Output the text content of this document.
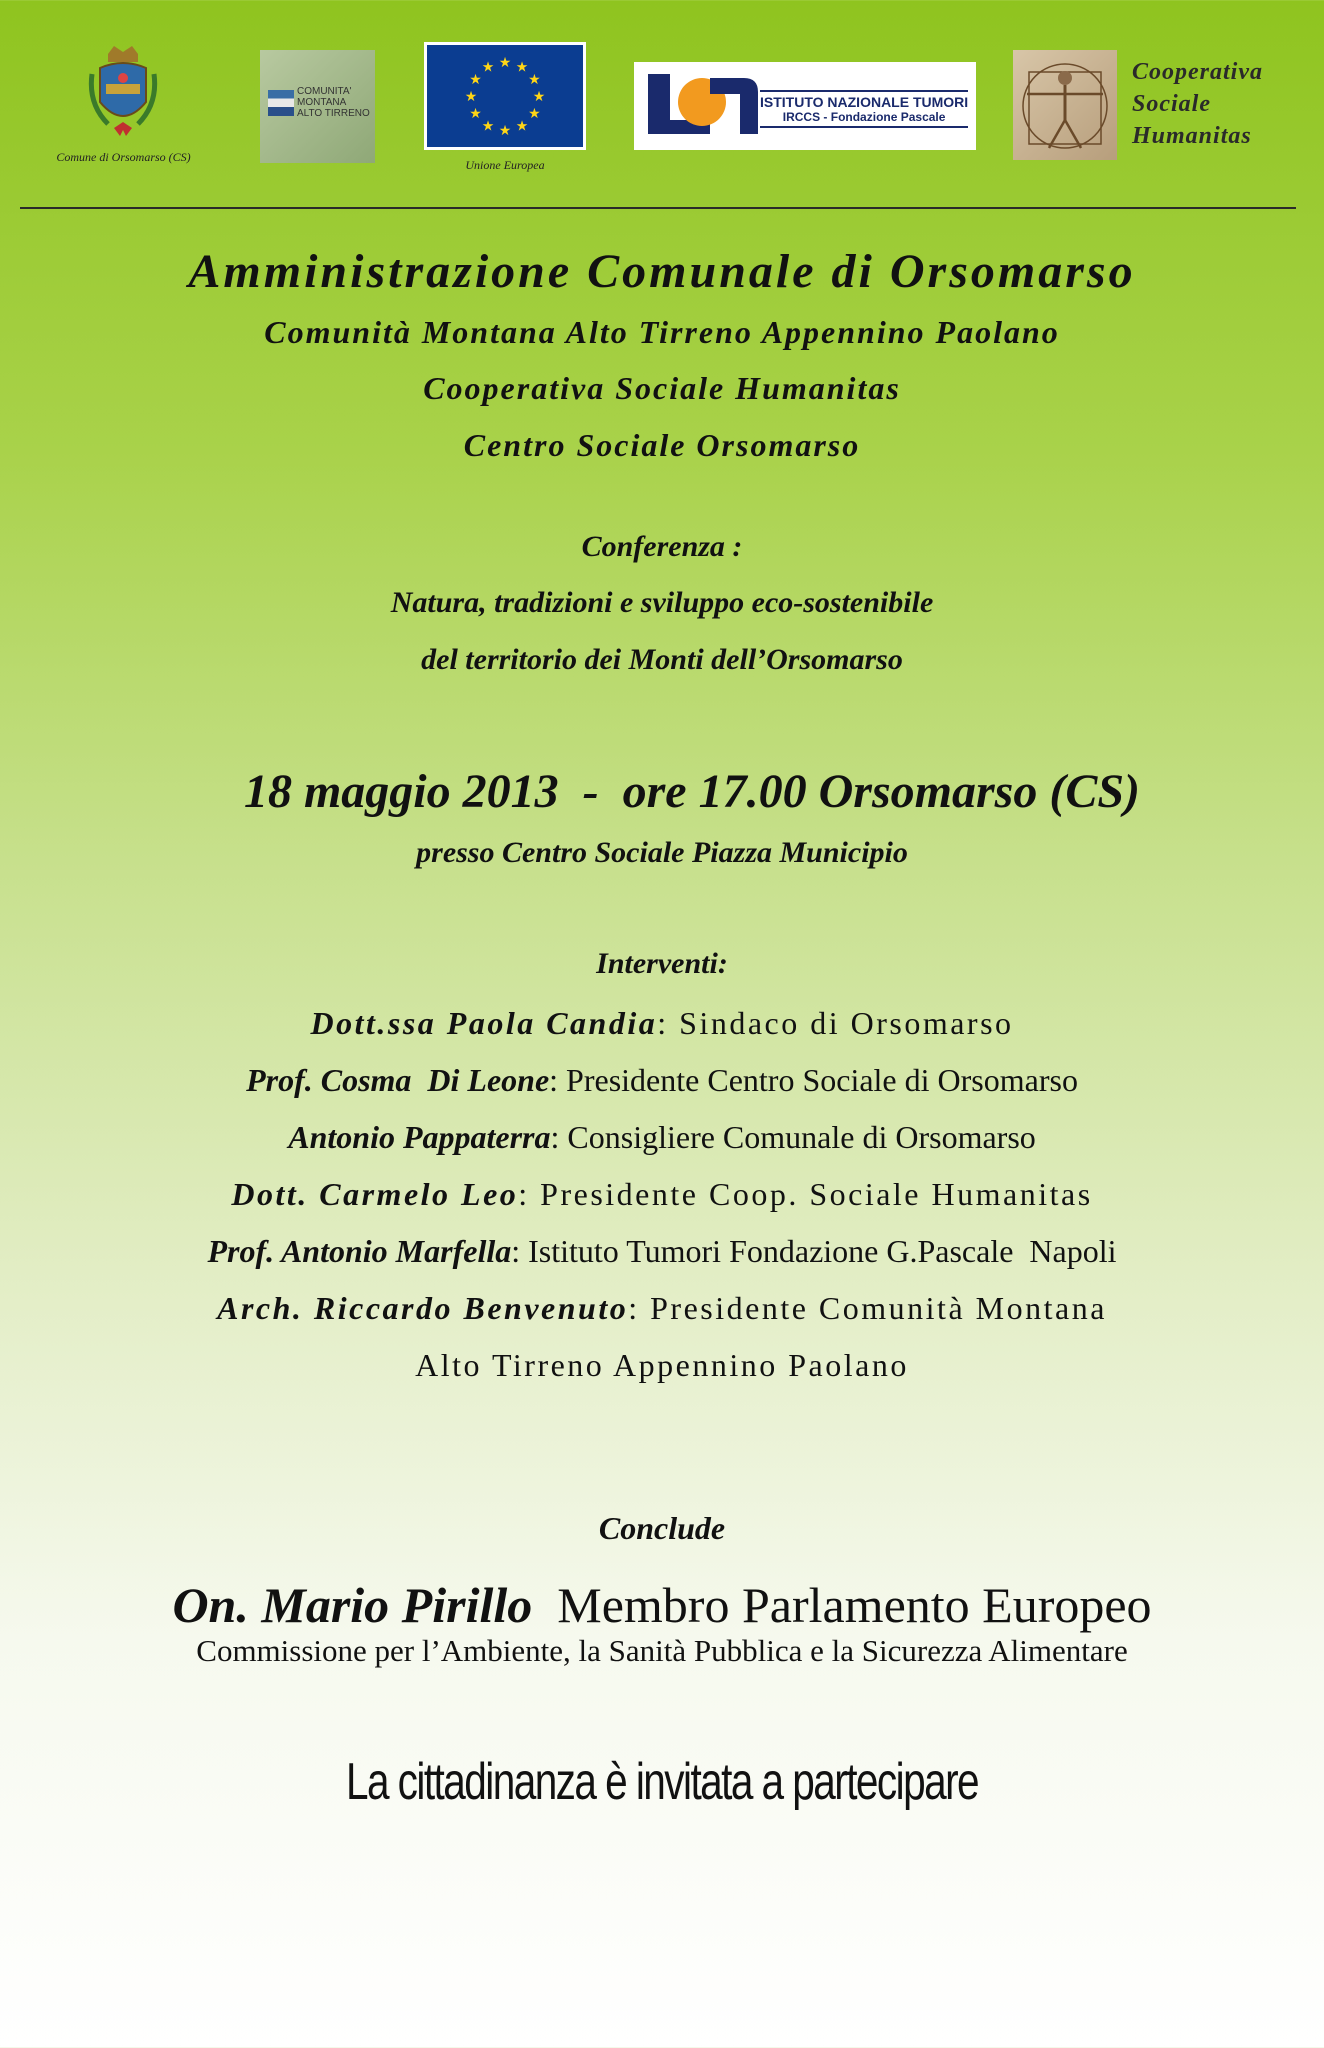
Comune di Orsomarso (CS)
COMUNITA'
MONTANA
ALTO TIRRENO
★
★
★
★
★
★
★
★
★ ★ ★
★
Unione Europea
ISTITUTO NAZIONALE TUMORI
IRCCS - Fondazione Pascale
Cooperativa
Sociale
Humanitas
Amministrazione Comunale di Orsomarso
Comunità Montana Alto Tirreno Appennino Paolano
Cooperativa Sociale Humanitas
Centro Sociale Orsomarso
Conferenza :
Natura, tradizioni e sviluppo eco-sostenibile
del territorio dei Monti dell’Orsomarso
18 maggio 2013  -  ore 17.00 Orsomarso (CS)
presso Centro Sociale Piazza Municipio
Interventi:
Dott.ssa Paola Candia: Sindaco di Orsomarso
Prof. Cosma  Di Leone: Presidente Centro Sociale di Orsomarso
Antonio Pappaterra: Consigliere Comunale di Orsomarso
Dott. Carmelo Leo: Presidente Coop. Sociale Humanitas
Prof. Antonio Marfella: Istituto Tumori Fondazione G.Pascale  Napoli
Arch. Riccardo Benvenuto: Presidente Comunità Montana
Alto Tirreno Appennino Paolano
Conclude
On. Mario Pirillo Membro Parlamento Europeo
Commissione per l’Ambiente, la Sanità Pubblica e la Sicurezza Alimentare
La cittadinanza è invitata a partecipare
